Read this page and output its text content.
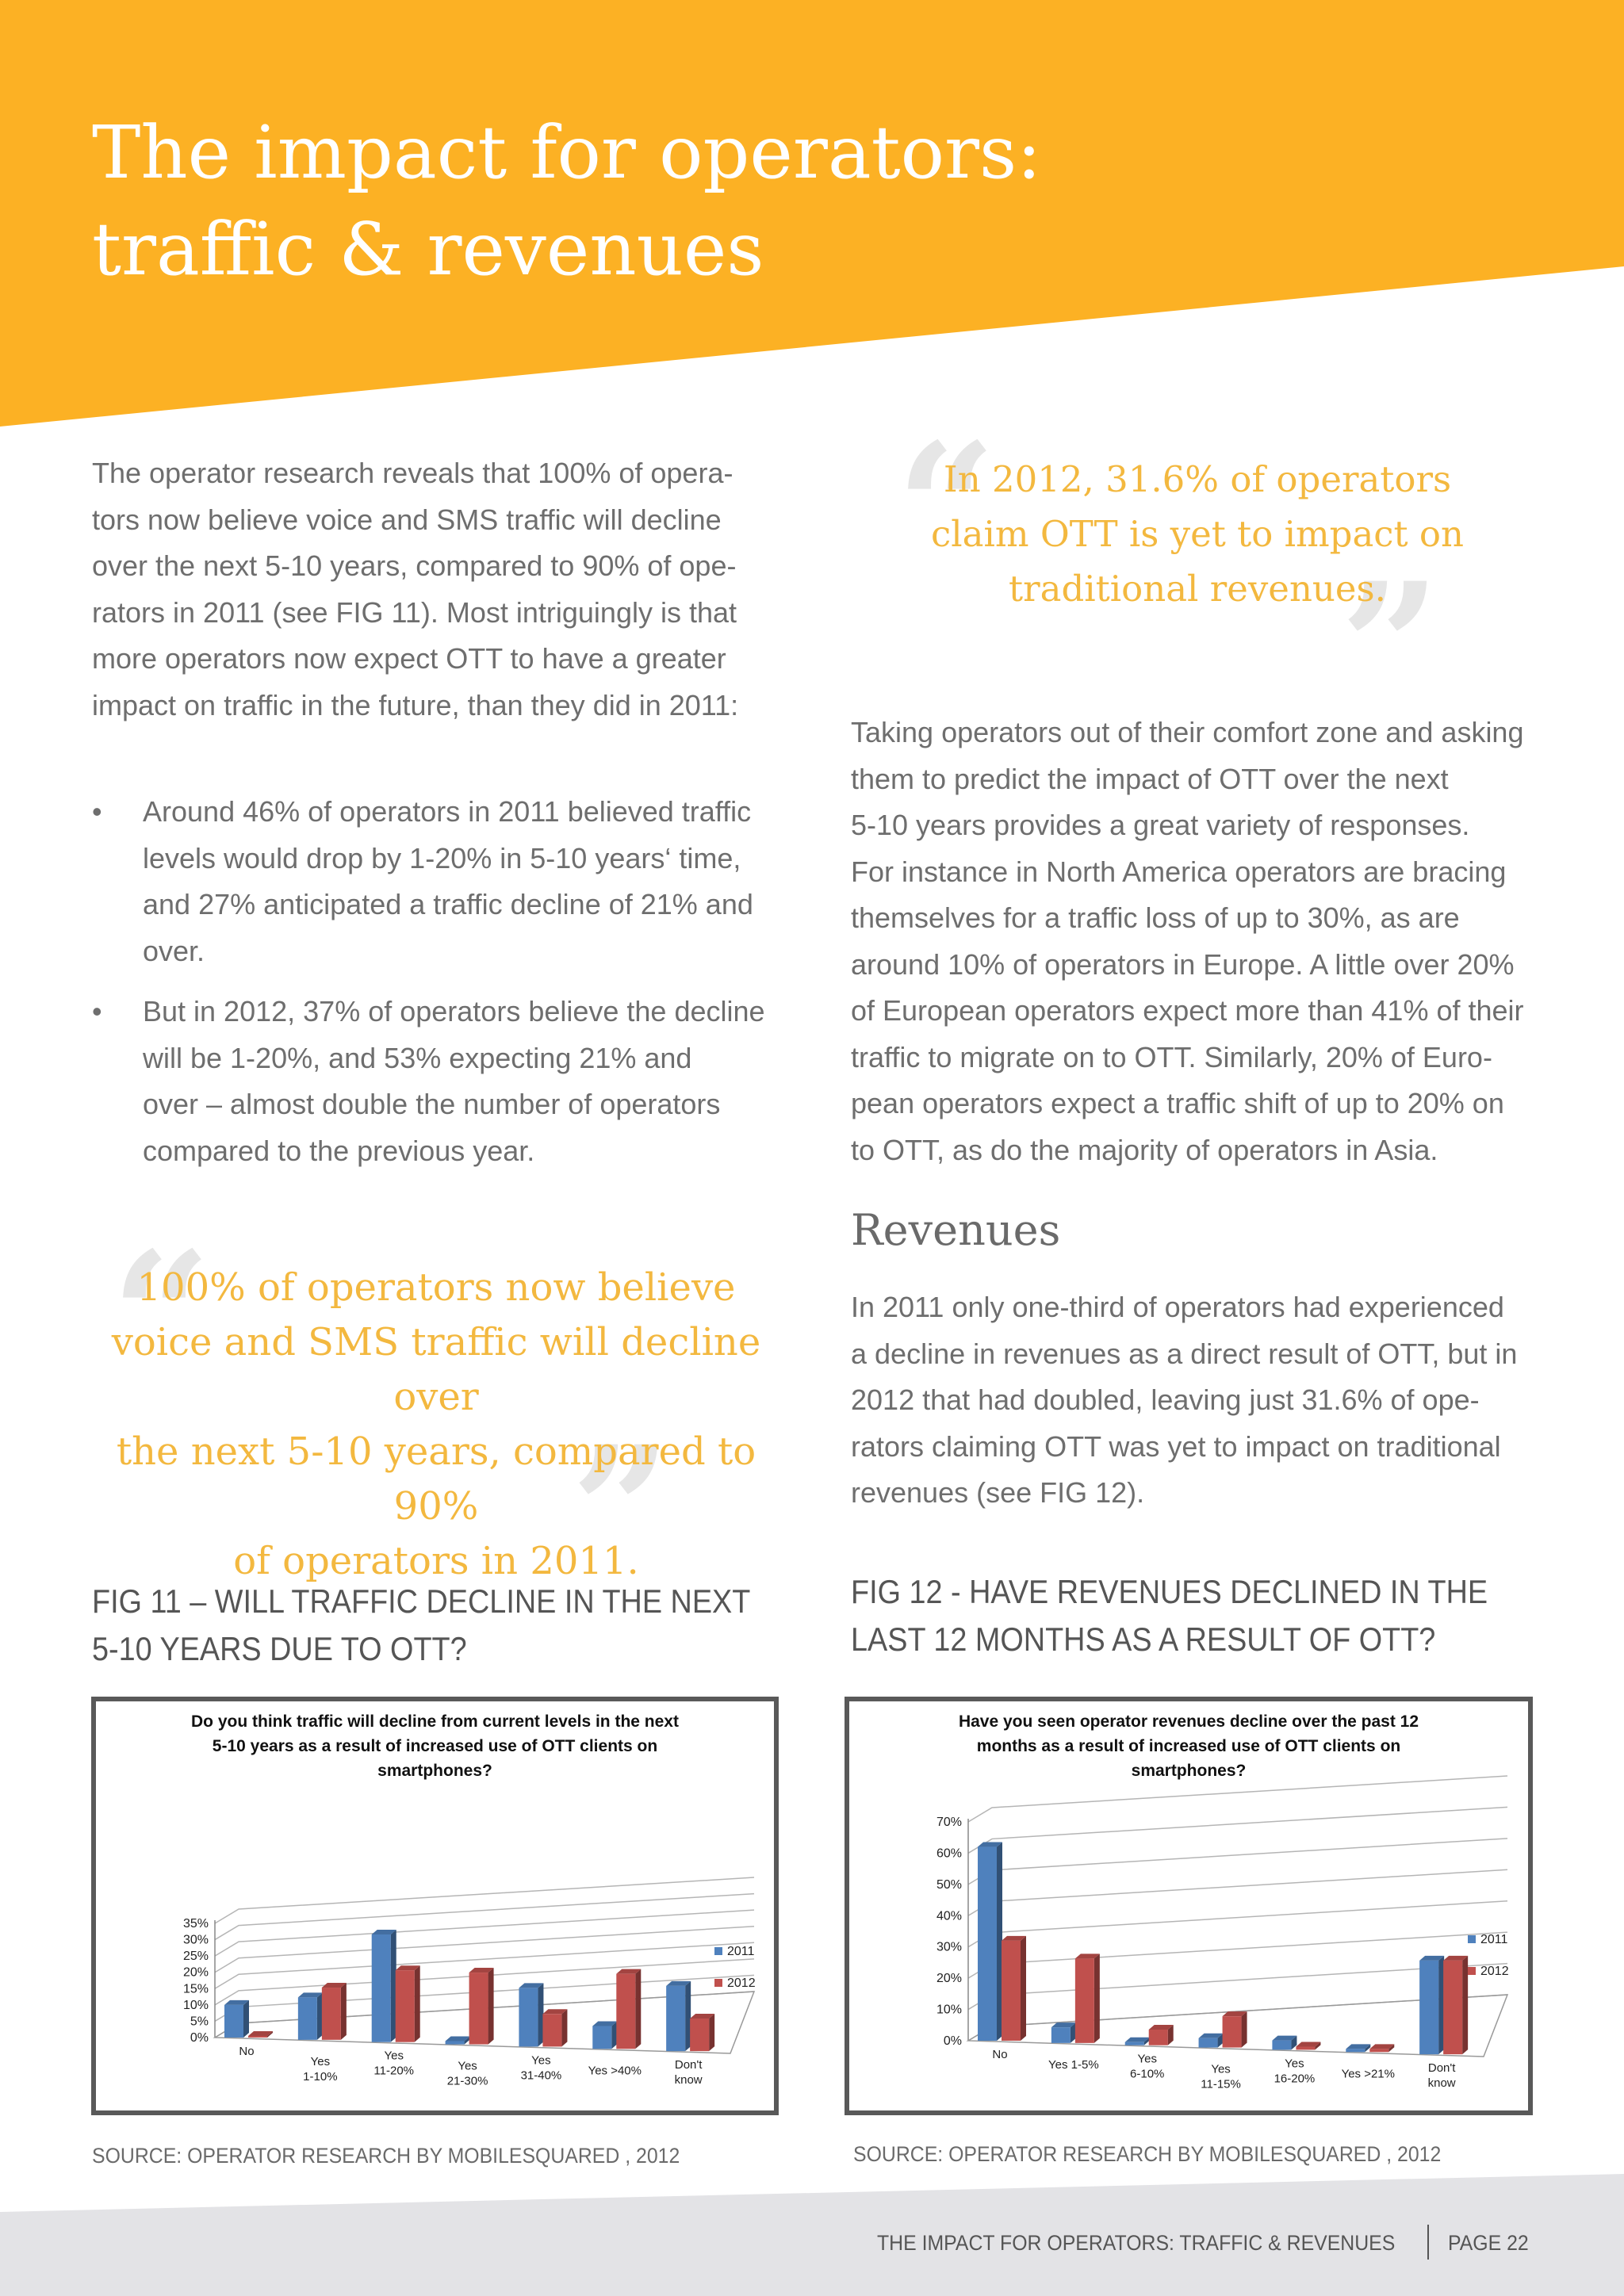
The impact for operators:
traffic & revenues

The operator research reveals that 100% of opera-
tors now believe voice and SMS traffic will decline
over the next 5-10 years, compared to 90% of ope-
rators in 2011 (see FIG 11). Most intriguingly is that
more operators now expect OTT to have a greater
impact on traffic in the future, than they did in 2011:

• Around 46% of operators in 2011 believed traffic
levels would drop by 1-20% in 5-10 years‘ time,
and 27% anticipated a traffic decline of 21% and
over.
• But in 2012, 37% of operators believe the decline
will be 1-20%, and 53% expecting 21% and
over – almost double the number of operators
compared to the previous year.
“
”
100% of operators now believe
voice and SMS traffic will decline over
the next 5-10 years, compared to 90%
of operators in 2011.
“
”
In 2012, 31.6% of operators
claim OTT is yet to impact on
traditional revenues.

Taking operators out of their comfort zone and asking
them to predict the impact of OTT over the next
5-10 years provides a great variety of responses.
For instance in North America operators are bracing
themselves for a traffic loss of up to 30%, as are
around 10% of operators in Europe. A little over 20%
of European operators expect more than 41% of their
traffic to migrate on to OTT. Similarly, 20% of Euro-
pean operators expect a traffic shift of up to 20% on
to OTT, as do the majority of operators in Asia.

Revenues

In 2011 only one-third of operators had experienced
a decline in revenues as a direct result of OTT, but in
2012 that had doubled, leaving just 31.6% of ope-
rators claiming OTT was yet to impact on traditional
revenues (see FIG 12).

FIG 11 – WILL TRAFFIC DECLINE IN THE NEXT
5-10 YEARS DUE TO OTT?
FIG 12 - HAVE REVENUES DECLINED IN THE
LAST 12 MONTHS AS A RESULT OF OTT?
Do you think traffic will decline from current levels in the next
5-10 years as a result of increased use of OTT clients on
smartphones?
0%
5%
10%
15%
20%
25%
30%
35%
No
Yes 1-10%
Yes 11-20%	Yes 21-30%
Yes 31-40% Yes >40%	Don't know
2011
2012
Have you seen operator revenues decline over the past 12
months as a result of increased use of OTT clients on
smartphones?
0%
10%
20%
30%
40%
50%
60%
70%
No
Yes 1-5%	Yes 6-10%	Yes 11-15%
Yes 16-20% Yes >21%	Don't know
2011
2012

SOURCE: OPERATOR RESEARCH BY MOBILESQUARED , 2012	SOURCE: OPERATOR RESEARCH BY MOBILESQUARED , 2012

THE IMPACT FOR OPERATORS: TRAFFIC & REVENUES PAGE 22
